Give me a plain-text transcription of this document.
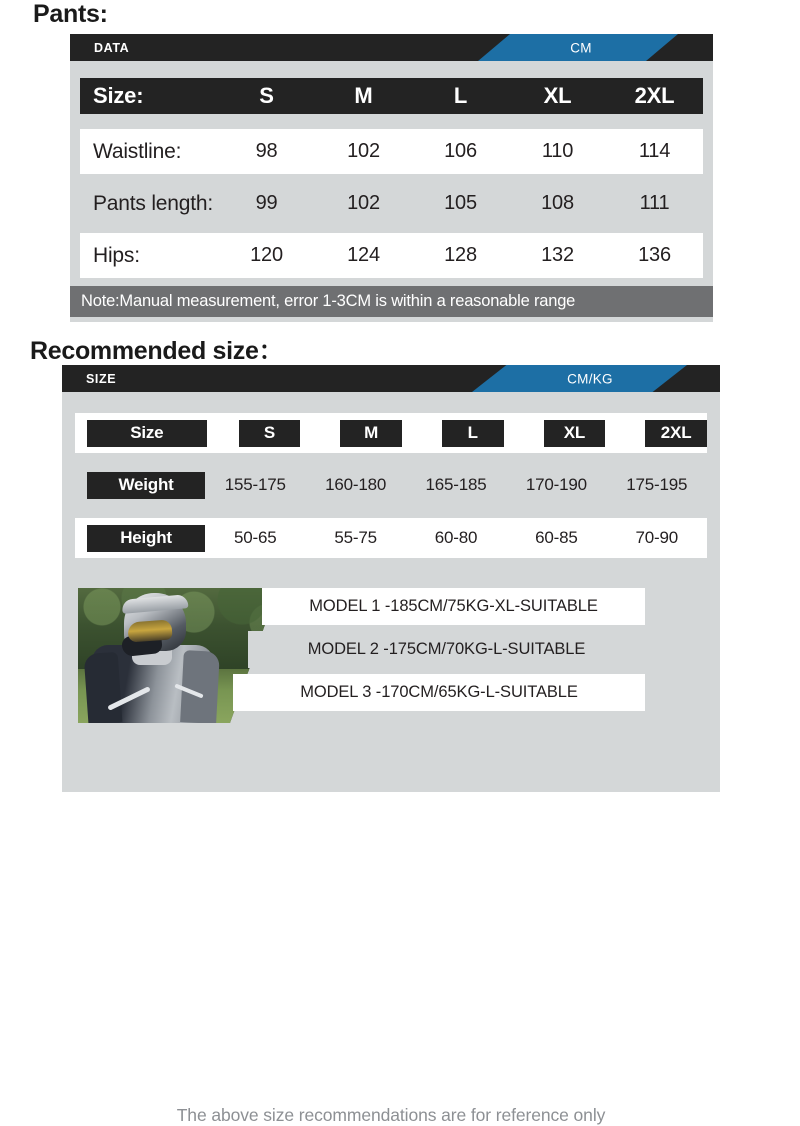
Pants:
DATA	CM
Size:	S	M	L	XL	2XL
Waistline:	98	102	106	110	114
Pants length:	99	102	105	108	111
Hips:	120	124	128	132	136
Note:Manual measurement, error 1-3CM is within a reasonable range
Recommended size：
SIZE	CM/KG
Size	S	M	L	XL	2XL
Weight	155-175	160-180	165-185	170-190	175-195
Height	50-65	55-75	60-80	60-85	70-90
The above size recommendations are for reference only
MODEL 1 -185CM/75KG-XL-SUITABLE
MODEL 2 -175CM/70KG-L-SUITABLE
MODEL 3 -170CM/65KG-L-SUITABLE
